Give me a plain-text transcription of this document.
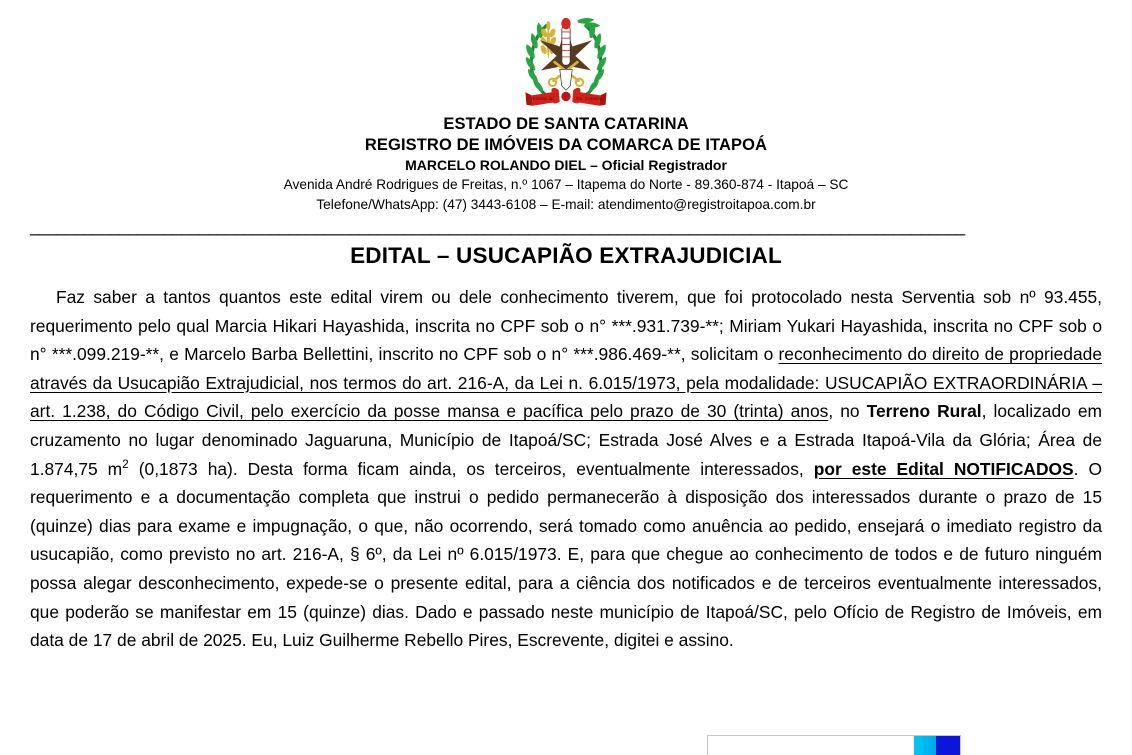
Estado de Sta. Catarina
ESTADO DE SANTA CATARINA
REGISTRO DE IMÓVEIS DA COMARCA DE ITAPOÁ
MARCELO ROLANDO DIEL – Oficial Registrador
Avenida André Rodrigues de Freitas, n.º 1067 – Itapema do Norte - 89.360-874 - Itapoá – SC
Telefone/WhatsApp: (47) 3443-6108 – E-mail: atendimento@registroitapoa.com.br
_________________________________________________________________________________________________________
EDITAL – USUCAPIÃO EXTRAJUDICIAL

Faz saber a tantos quantos este edital virem ou dele conhecimento tiverem, que foi protocolado nesta Serventia sob nº 93.455, requerimento pelo qual Marcia Hikari Hayashida, inscrita no CPF sob o n° ***.931.739-**; Miriam Yukari Hayashida, inscrita no CPF sob o n° ***.099.219-**, e Marcelo Barba Bellettini, inscrito no CPF sob o n° ***.986.469-**, solicitam o reconhecimento do direito de propriedade através da Usucapião Extrajudicial, nos termos do art. 216-A, da Lei n. 6.015/1973, pela modalidade: USUCAPIÃO EXTRAORDINÁRIA – art. 1.238, do Código Civil, pelo exercício da posse mansa e pacífica pelo prazo de 30 (trinta) anos, no Terreno Rural, localizado em cruzamento no lugar denominado Jaguaruna, Município de Itapoá/SC; Estrada José Alves e a Estrada Itapoá-Vila da Glória; Área de 1.874,75 $m^2$ (0,1873 ha). Desta forma ficam ainda, os terceiros, eventualmente interessados, por este Edital NOTIFICADOS. O requerimento e a documentação completa que instrui o pedido permanecerão à disposição dos interessados durante o prazo de 15 (quinze) dias para exame e impugnação, o que, não ocorrendo, será tomado como anuência ao pedido, ensejará o imediato registro da usucapião, como previsto no art. 216-A, § 6º, da Lei nº 6.015/1973. E, para que chegue ao conhecimento de todos e de futuro ninguém possa alegar desconhecimento, expede-se o presente edital, para a ciência dos notificados e de terceiros eventualmente interessados, que poderão se manifestar em 15 (quinze) dias. Dado e passado neste município de Itapoá/SC, pelo Ofício de Registro de Imóveis, em data de 17 de abril de 2025. Eu, Luiz Guilherme Rebello Pires, Escrevente, digitei e assino.
